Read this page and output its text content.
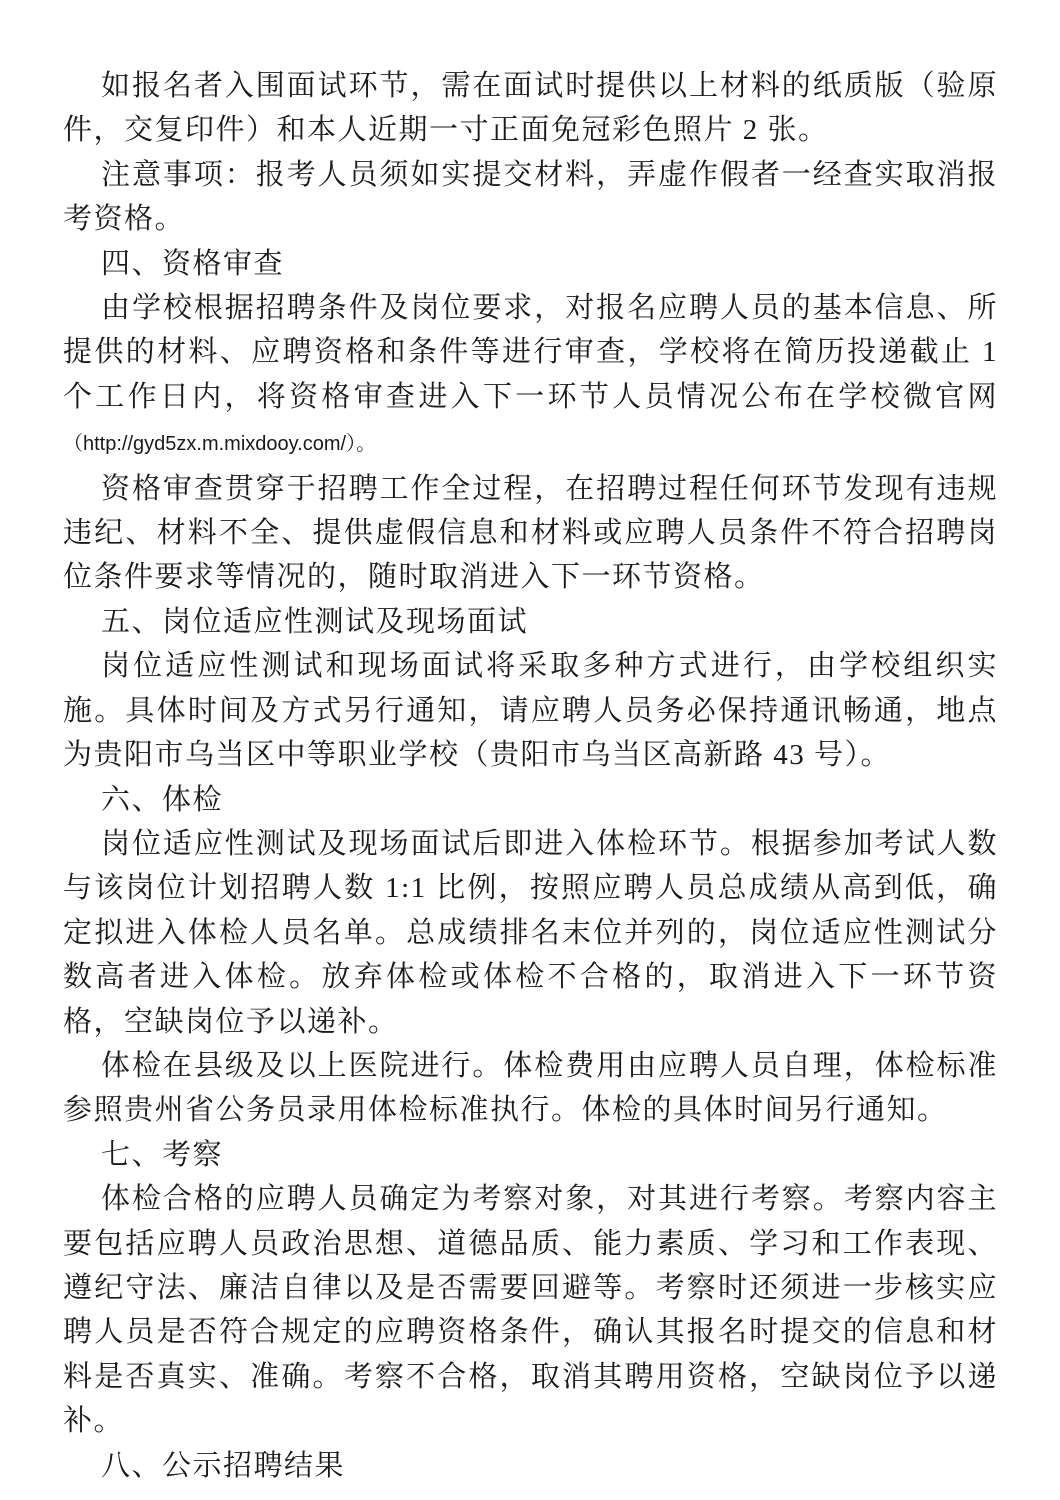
如报名者入围面试环节，需在面试时提供以上材料的纸质版（验原件，交复印件）和本人近期一寸正面免冠彩色照片 2 张。

注意事项：报考人员须如实提交材料，弄虚作假者一经查实取消报考资格。

四、资格审查

由学校根据招聘条件及岗位要求，对报名应聘人员的基本信息、所提供的材料、应聘资格和条件等进行审查，学校将在简历投递截止 1 个工作日内，将资格审查进入下一环节人员情况公布在学校微官网（http://gyd5zx.m.mixdooy.com/）。

资格审查贯穿于招聘工作全过程，在招聘过程任何环节发现有违规违纪、材料不全、提供虚假信息和材料或应聘人员条件不符合招聘岗位条件要求等情况的，随时取消进入下一环节资格。

五、岗位适应性测试及现场面试

岗位适应性测试和现场面试将采取多种方式进行，由学校组织实施。具体时间及方式另行通知，请应聘人员务必保持通讯畅通，地点为贵阳市乌当区中等职业学校（贵阳市乌当区高新路 43 号）。

六、体检

岗位适应性测试及现场面试后即进入体检环节。根据参加考试人数与该岗位计划招聘人数 1:1 比例，按照应聘人员总成绩从高到低，确定拟进入体检人员名单。总成绩排名末位并列的，岗位适应性测试分数高者进入体检。放弃体检或体检不合格的，取消进入下一环节资格，空缺岗位予以递补。

体检在县级及以上医院进行。体检费用由应聘人员自理，体检标准参照贵州省公务员录用体检标准执行。体检的具体时间另行通知。

七、考察

体检合格的应聘人员确定为考察对象，对其进行考察。考察内容主要包括应聘人员政治思想、道德品质、能力素质、学习和工作表现、遵纪守法、廉洁自律以及是否需要回避等。考察时还须进一步核实应聘人员是否符合规定的应聘资格条件，确认其报名时提交的信息和材料是否真实、准确。考察不合格，取消其聘用资格，空缺岗位予以递补。

八、公示招聘结果
